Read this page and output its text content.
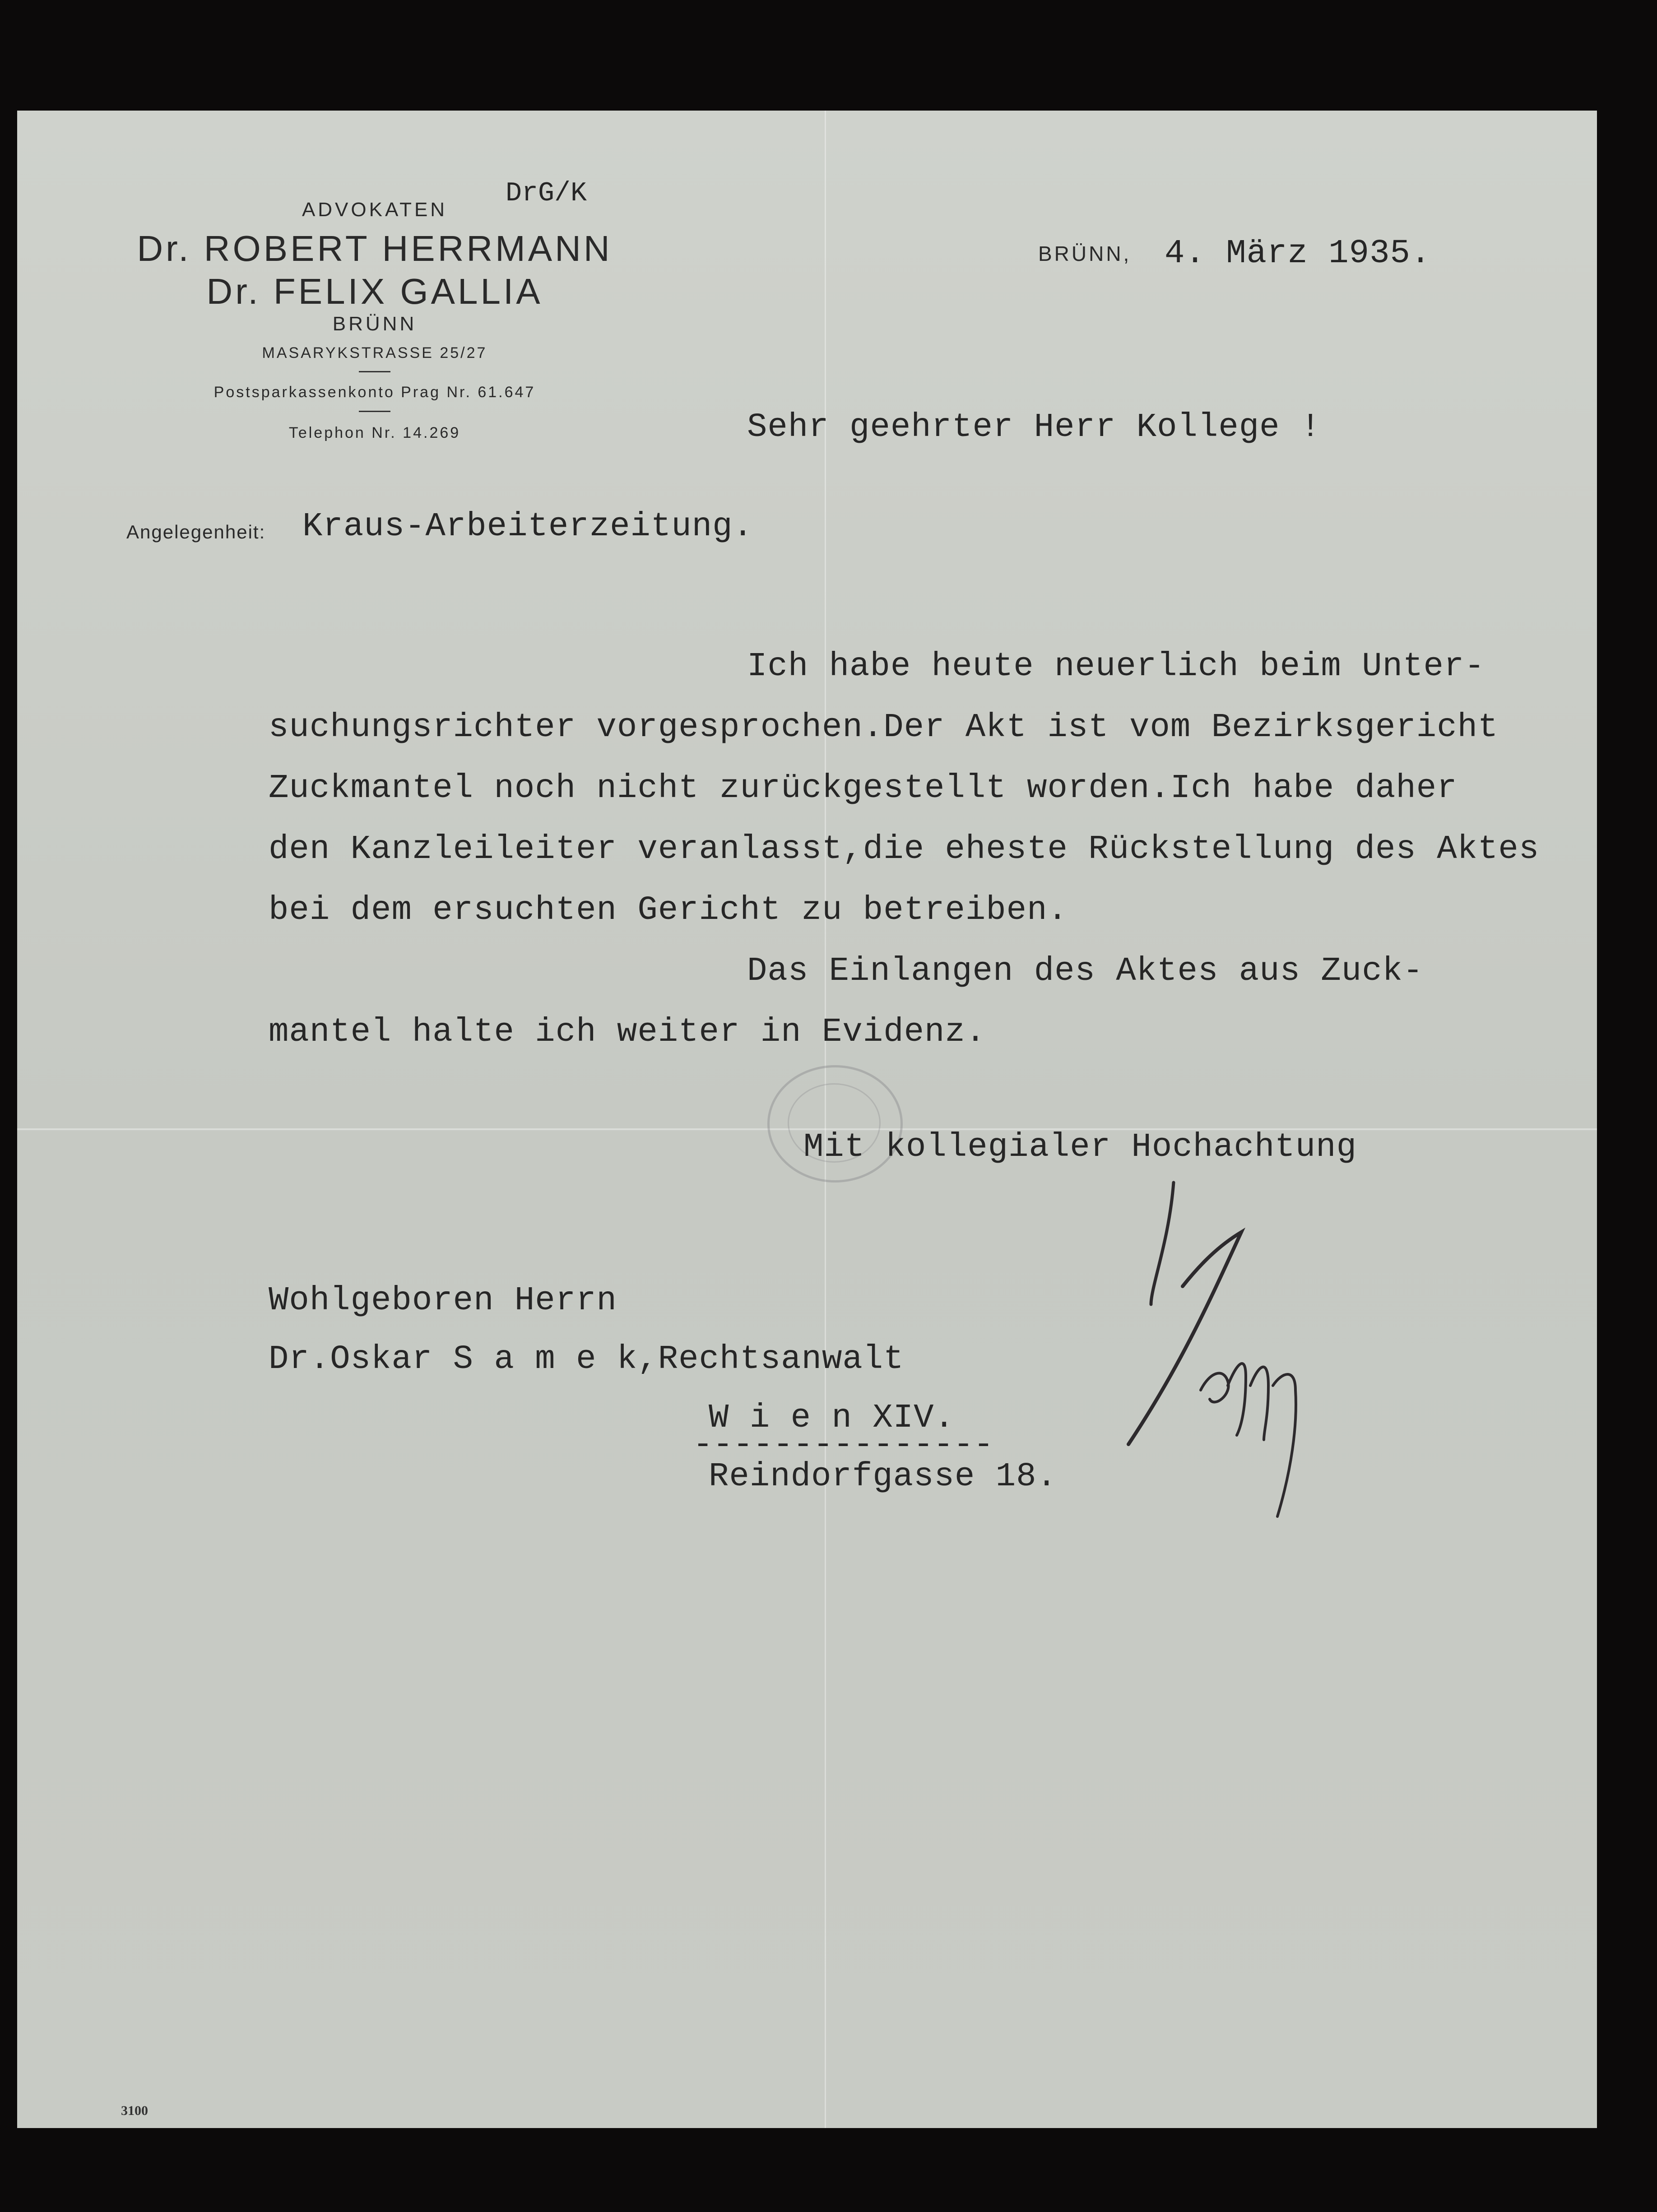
ADVOKATEN
DrG/K
Dr. ROBERT HERRMANN
Dr. FELIX GALLIA
BRÜNN
MASARYKSTRASSE 25/27
Postsparkassenkonto Prag Nr. 61.647
Telephon Nr. 14.269
BRÜNN, 4. März 1935.
Sehr geehrter Herr Kollege !
Angelegenheit: Kraus-Arbeiterzeitung.
Ich habe heute neuerlich beim Unter-
suchungsrichter vorgesprochen.Der Akt ist vom Bezirksgericht
Zuckmantel noch nicht zurückgestellt worden.Ich habe daher
den Kanzleileiter veranlasst,die eheste Rückstellung des Aktes
bei dem ersuchten Gericht zu betreiben.
Das Einlangen des Aktes aus Zuck-
mantel halte ich weiter in Evidenz.
Mit kollegialer Hochachtung
Wohlgeboren Herrn
Dr.Oskar S a m e k,Rechtsanwalt
W i e n XIV.
---------------
Reindorfgasse 18.
3100
